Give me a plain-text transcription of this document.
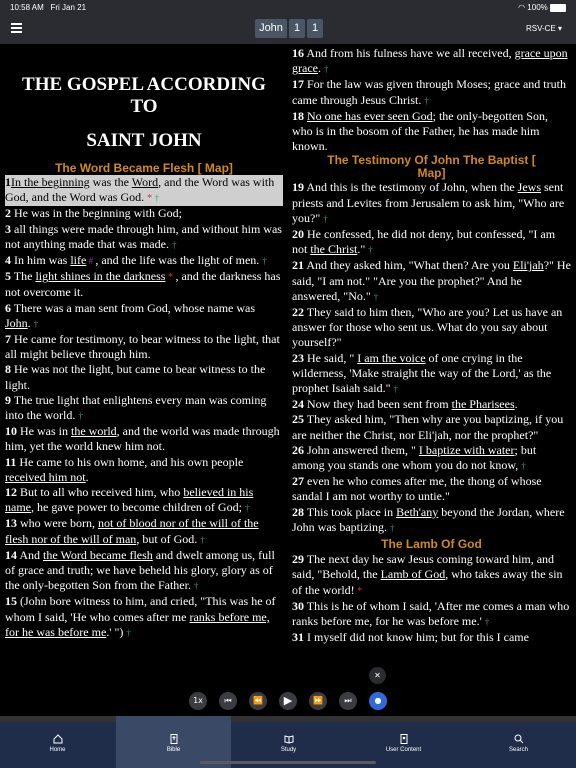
10:58 AM Fri Jan 21	◠ 100%
John	1	1	RSV-CE ▾
THE GOSPEL ACCORDING
TO
SAINT JOHN
The Word Became Flesh [ Map]
1In the beginning was the Word, and the Word was with God, and the Word was God. * †
2 He was in the beginning with God;
3 all things were made through him, and without him was not anything made that was made. †
4 In him was life # , and the life was the light of men. †
5 The light shines in the darkness * , and the darkness has not overcome it.
6 There was a man sent from God, whose name was John. †
7 He came for testimony, to bear witness to the light, that all might believe through him.
8 He was not the light, but came to bear witness to the light.
9 The true light that enlightens every man was coming into the world. †
10 He was in the world, and the world was made through him, yet the world knew him not.
11 He came to his own home, and his own people received him not.
12 But to all who received him, who believed in his name, he gave power to become children of God; †
13 who were born, not of blood nor of the will of the flesh nor of the will of man, but of God. †
14 And the Word became flesh and dwelt among us, full of grace and truth; we have beheld his glory, glory as of the only-begotten Son from the Father. †
15 (John bore witness to him, and cried, "This was he of whom I said, 'He who comes after me ranks before me, for he was before me.' ") †
16 And from his fulness have we all received, grace upon grace. †
17 For the law was given through Moses; grace and truth came through Jesus Christ. †
18 No one has ever seen God; the only-begotten Son, who is in the bosom of the Father, he has made him known.
The Testimony Of John The Baptist [
Map]
19 And this is the testimony of John, when the Jews sent priests and Levites from Jerusalem to ask him, "Who are you?" †
20 He confessed, he did not deny, but confessed, "I am not the Christ." †
21 And they asked him, "What then? Are you Eli'jah?" He said, "I am not." "Are you the prophet?" And he answered, "No." †
22 They said to him then, "Who are you? Let us have an answer for those who sent us. What do you say about yourself?"
23 He said, " I am the voice of one crying in the wilderness, 'Make straight the way of the Lord,' as the prophet Isaiah said." †
24 Now they had been sent from the Pharisees.
25 They asked him, "Then why are you baptizing, if you are neither the Christ, nor Eli'jah, nor the prophet?"
26 John answered them, " I baptize with water; but among you stands one whom you do not know, †
27 even he who comes after me, the thong of whose sandal I am not worthy to untie."
28 This took place in Beth'any beyond the Jordan, where John was baptizing. †
The Lamb Of God
29 The next day he saw Jesus coming toward him, and said, "Behold, the Lamb of God, who takes away the sin of the world! *
30 This is he of whom I said, 'After me comes a man who ranks before me, for he was before me.' †
31 I myself did not know him; but for this I came
✕
1x	⏮	⏪	▶	⏩	⏭	●
Home	Bible	Study	User Content	Search
